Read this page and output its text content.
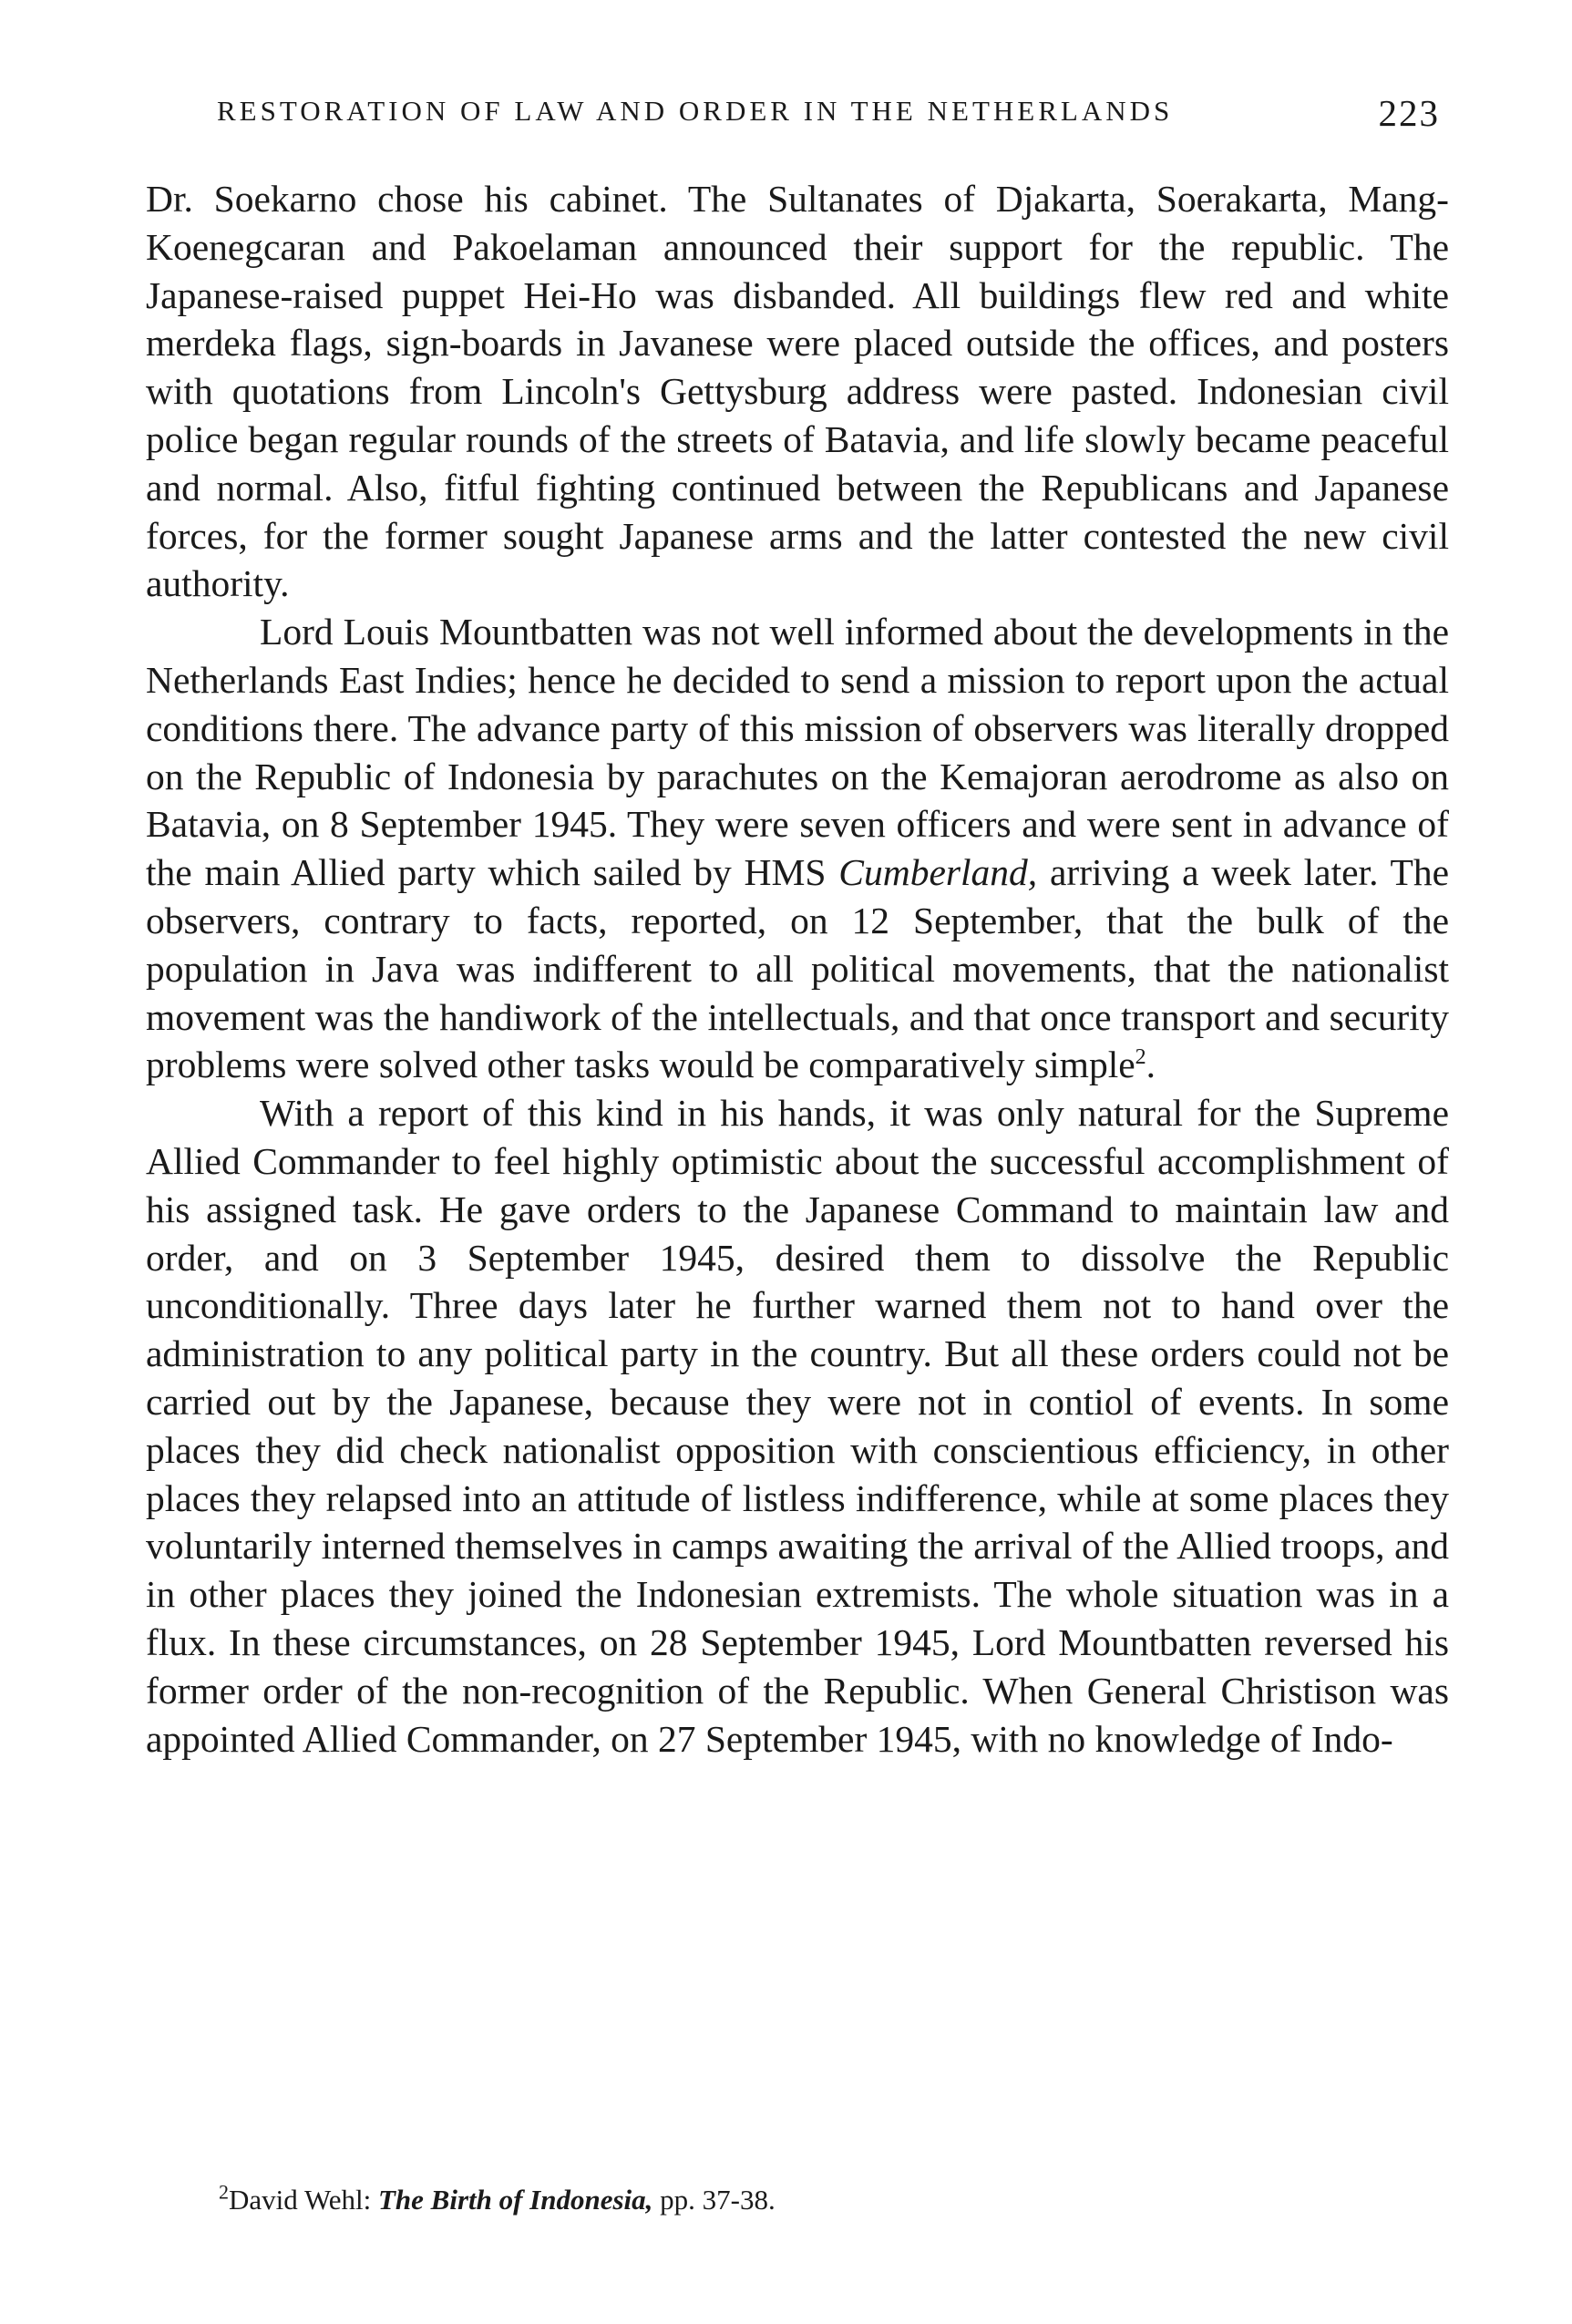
RESTORATION OF LAW AND ORDER IN THE NETHERLANDS	223

Dr. Soekarno chose his cabinet. The Sultanates of Djakarta, Soerakarta, Mang-Koenegcaran and Pakoelaman announced their support for the republic. The Japanese-raised puppet Hei-Ho was disbanded. All buildings flew red and white merdeka flags, sign-boards in Javanese were placed outside the offices, and posters with quotations from Lincoln's Gettysburg address were pasted. Indonesian civil police began regular rounds of the streets of Batavia, and life slowly became peaceful and normal. Also, fitful fighting continued between the Republicans and Japanese forces, for the former sought Japanese arms and the latter contested the new civil authority.

Lord Louis Mountbatten was not well informed about the developments in the Netherlands East Indies; hence he decided to send a mission to report upon the actual conditions there. The advance party of this mission of observers was literally dropped on the Republic of Indonesia by parachutes on the Kemajoran aerodrome as also on Batavia, on 8 September 1945. They were seven officers and were sent in advance of the main Allied party which sailed by HMS Cumberland, arriving a week later. The observers, contrary to facts, reported, on 12 September, that the bulk of the population in Java was indifferent to all political movements, that the nationalist movement was the handiwork of the intellectuals, and that once transport and security problems were solved other tasks would be comparatively simple$^2$.

With a report of this kind in his hands, it was only natural for the Supreme Allied Commander to feel highly optimistic about the successful accomplishment of his assigned task. He gave orders to the Japanese Command to maintain law and order, and on 3 September 1945, desired them to dissolve the Republic unconditionally. Three days later he further warned them not to hand over the administration to any political party in the country. But all these orders could not be carried out by the Japanese, because they were not in contiol of events. In some places they did check nationalist opposition with conscientious efficiency, in other places they relapsed into an attitude of listless indifference, while at some places they voluntarily interned themselves in camps awaiting the arrival of the Allied troops, and in other places they joined the Indonesian extremists. The whole situation was in a flux. In these circumstances, on 28 September 1945, Lord Mountbatten reversed his former order of the non-recognition of the Republic. When General Christison was appointed Allied Commander, on 27 September 1945, with no knowledge of Indo-

$^2$David Wehl: The Birth of Indonesia, pp. 37-38.
